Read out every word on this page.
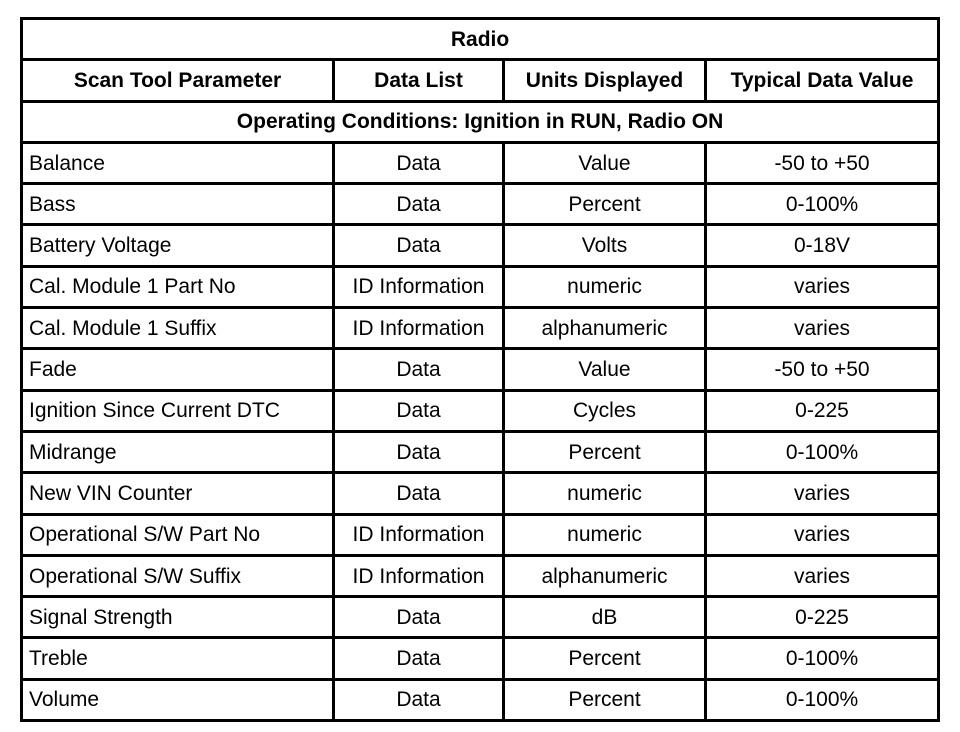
Radio			
Scan Tool Parameter	Data List	Units Displayed	Typical Data Value
Operating Conditions: Ignition in RUN, Radio ON			
Balance	Data	Value	-50 to +50
Bass	Data	Percent	0-100%
Battery Voltage	Data	Volts	0-18V
Cal. Module 1 Part No	ID Information	numeric	varies
Cal. Module 1 Suffix	ID Information	alphanumeric	varies
Fade	Data	Value	-50 to +50
Ignition Since Current DTC	Data	Cycles	0-225
Midrange	Data	Percent	0-100%
New VIN Counter	Data	numeric	varies
Operational S/W Part No	ID Information	numeric	varies
Operational S/W Suffix	ID Information	alphanumeric	varies
Signal Strength	Data	dB	0-225
Treble	Data	Percent	0-100%
Volume	Data	Percent	0-100%
